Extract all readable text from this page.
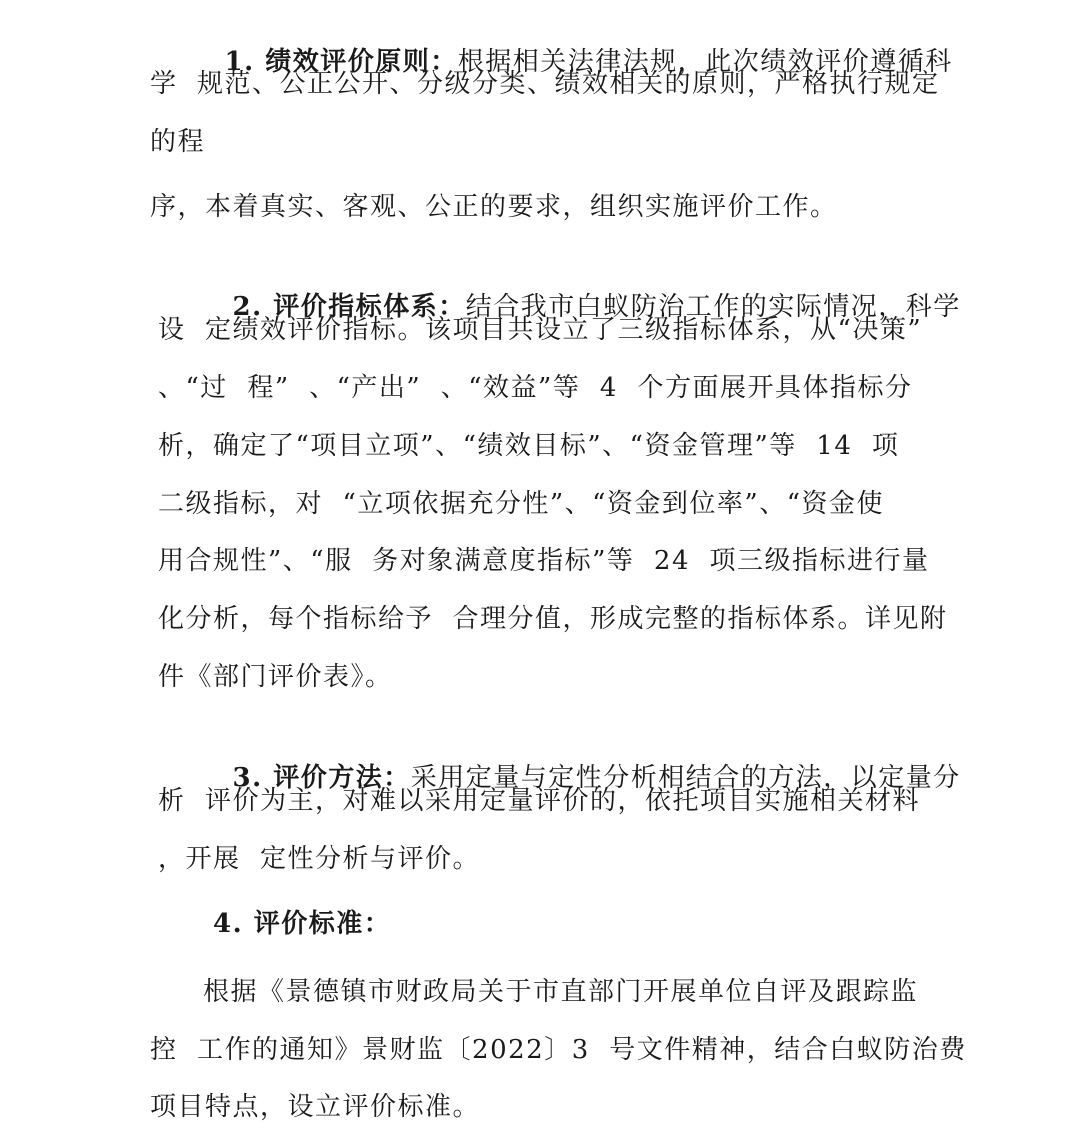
1. 绩效评价原则：根据相关法律法规，此次绩效评价遵循科

学  规范、公正公开、分级分类、绩效相关的原则，严格执行规定
的程
序，本着真实、客观、公正的要求，组织实施评价工作。

2. 评价指标体系：结合我市白蚁防治工作的实际情况，科学

设  定绩效评价指标。该项目共设立了三级指标体系，从“决策”
、“过  程”  、“产出”  、“效益”等  4  个方面展开具体指标分
析，确定了“项目立项”、“绩效目标”、“资金管理”等  14  项
二级指标，对  “立项依据充分性”、“资金到位率”、“资金使
用合规性”、“服  务对象满意度指标”等  24  项三级指标进行量
化分析，每个指标给予  合理分值，形成完整的指标体系。详见附
件《部门评价表》。

3. 评价方法：采用定量与定性分析相结合的方法，以定量分

析  评价为主，对难以采用定量评价的，依托项目实施相关材料
，开展  定性分析与评价。
4. 评价标准：
根据《景德镇市财政局关于市直部门开展单位自评及跟踪监
控  工作的通知》景财监〔2022〕3  号文件精神，结合白蚁防治费
项目特点，设立评价标准。
